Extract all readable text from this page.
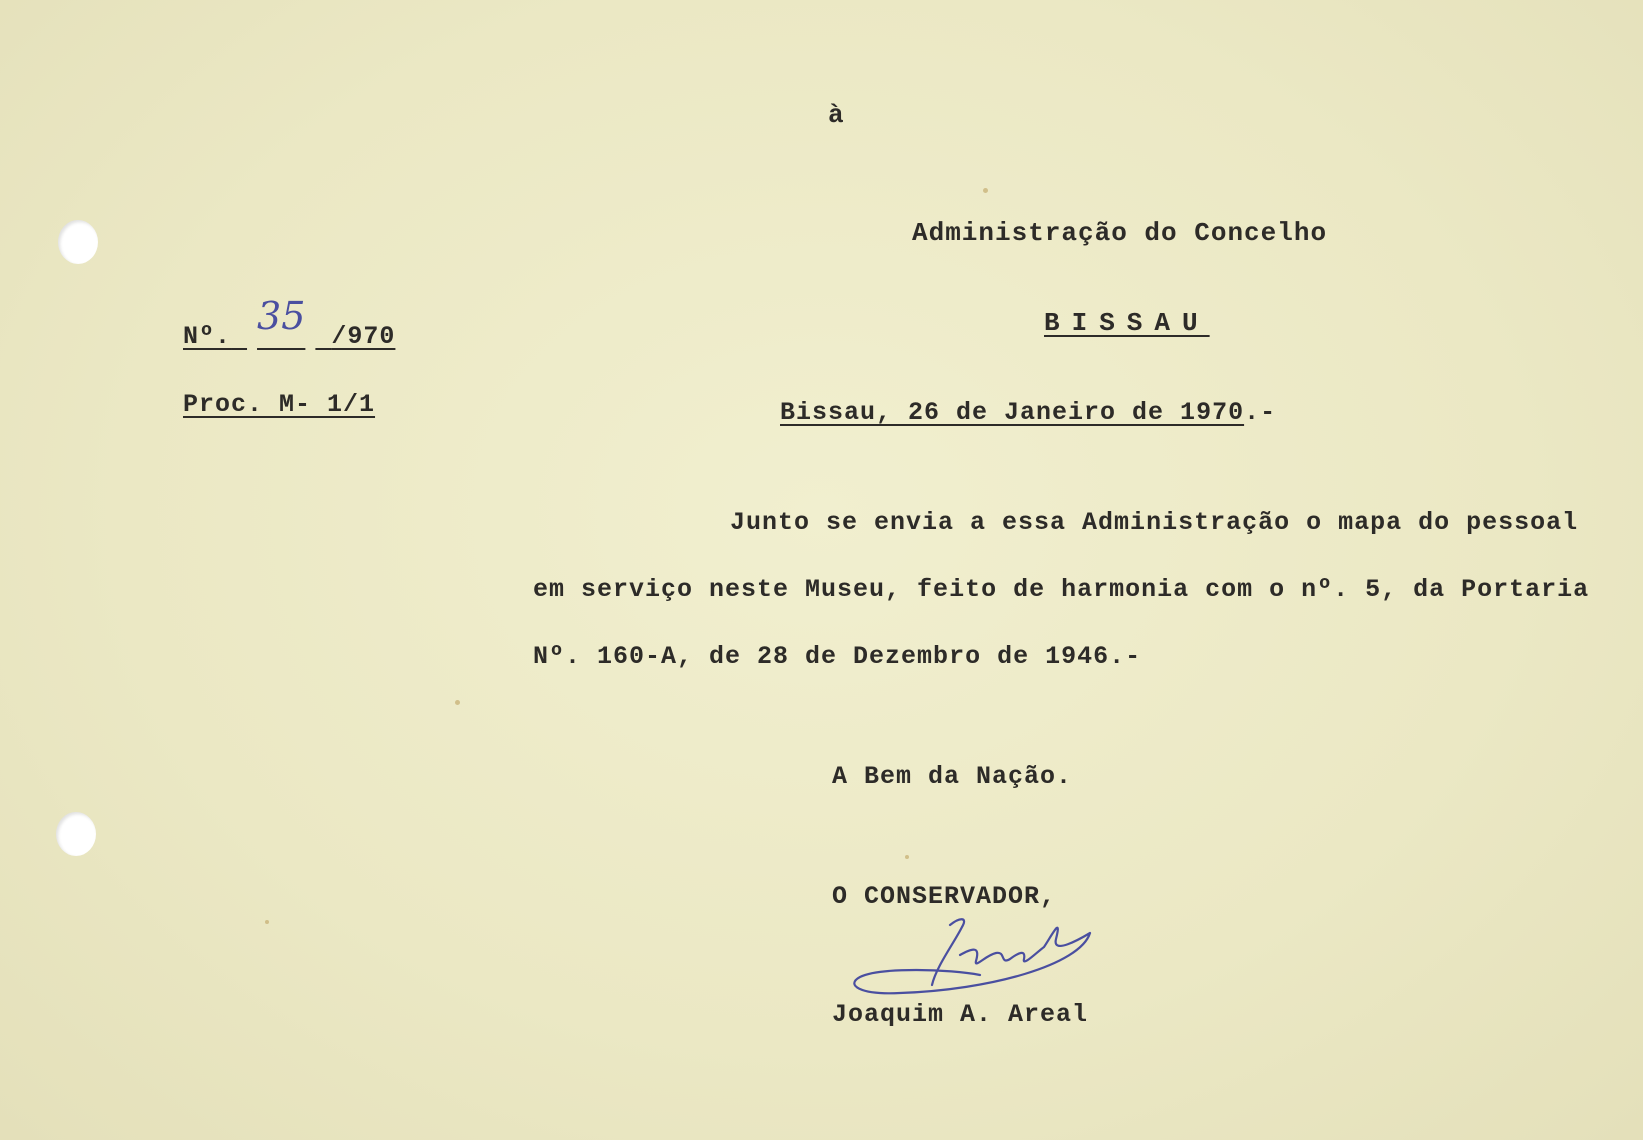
à
Administração do Concelho
BISSAU
Nº. 35 /970
Proc. M- 1/1	Bissau, 26 de Janeiro de 1970.-
Junto se envia a essa Administração o mapa do pessoal
em serviço neste Museu, feito de harmonia com o nº. 5, da Portaria
Nº. 160-A, de 28 de Dezembro de 1946.-
A Bem da Nação.
O CONSERVADOR,
Joaquim A. Areal
